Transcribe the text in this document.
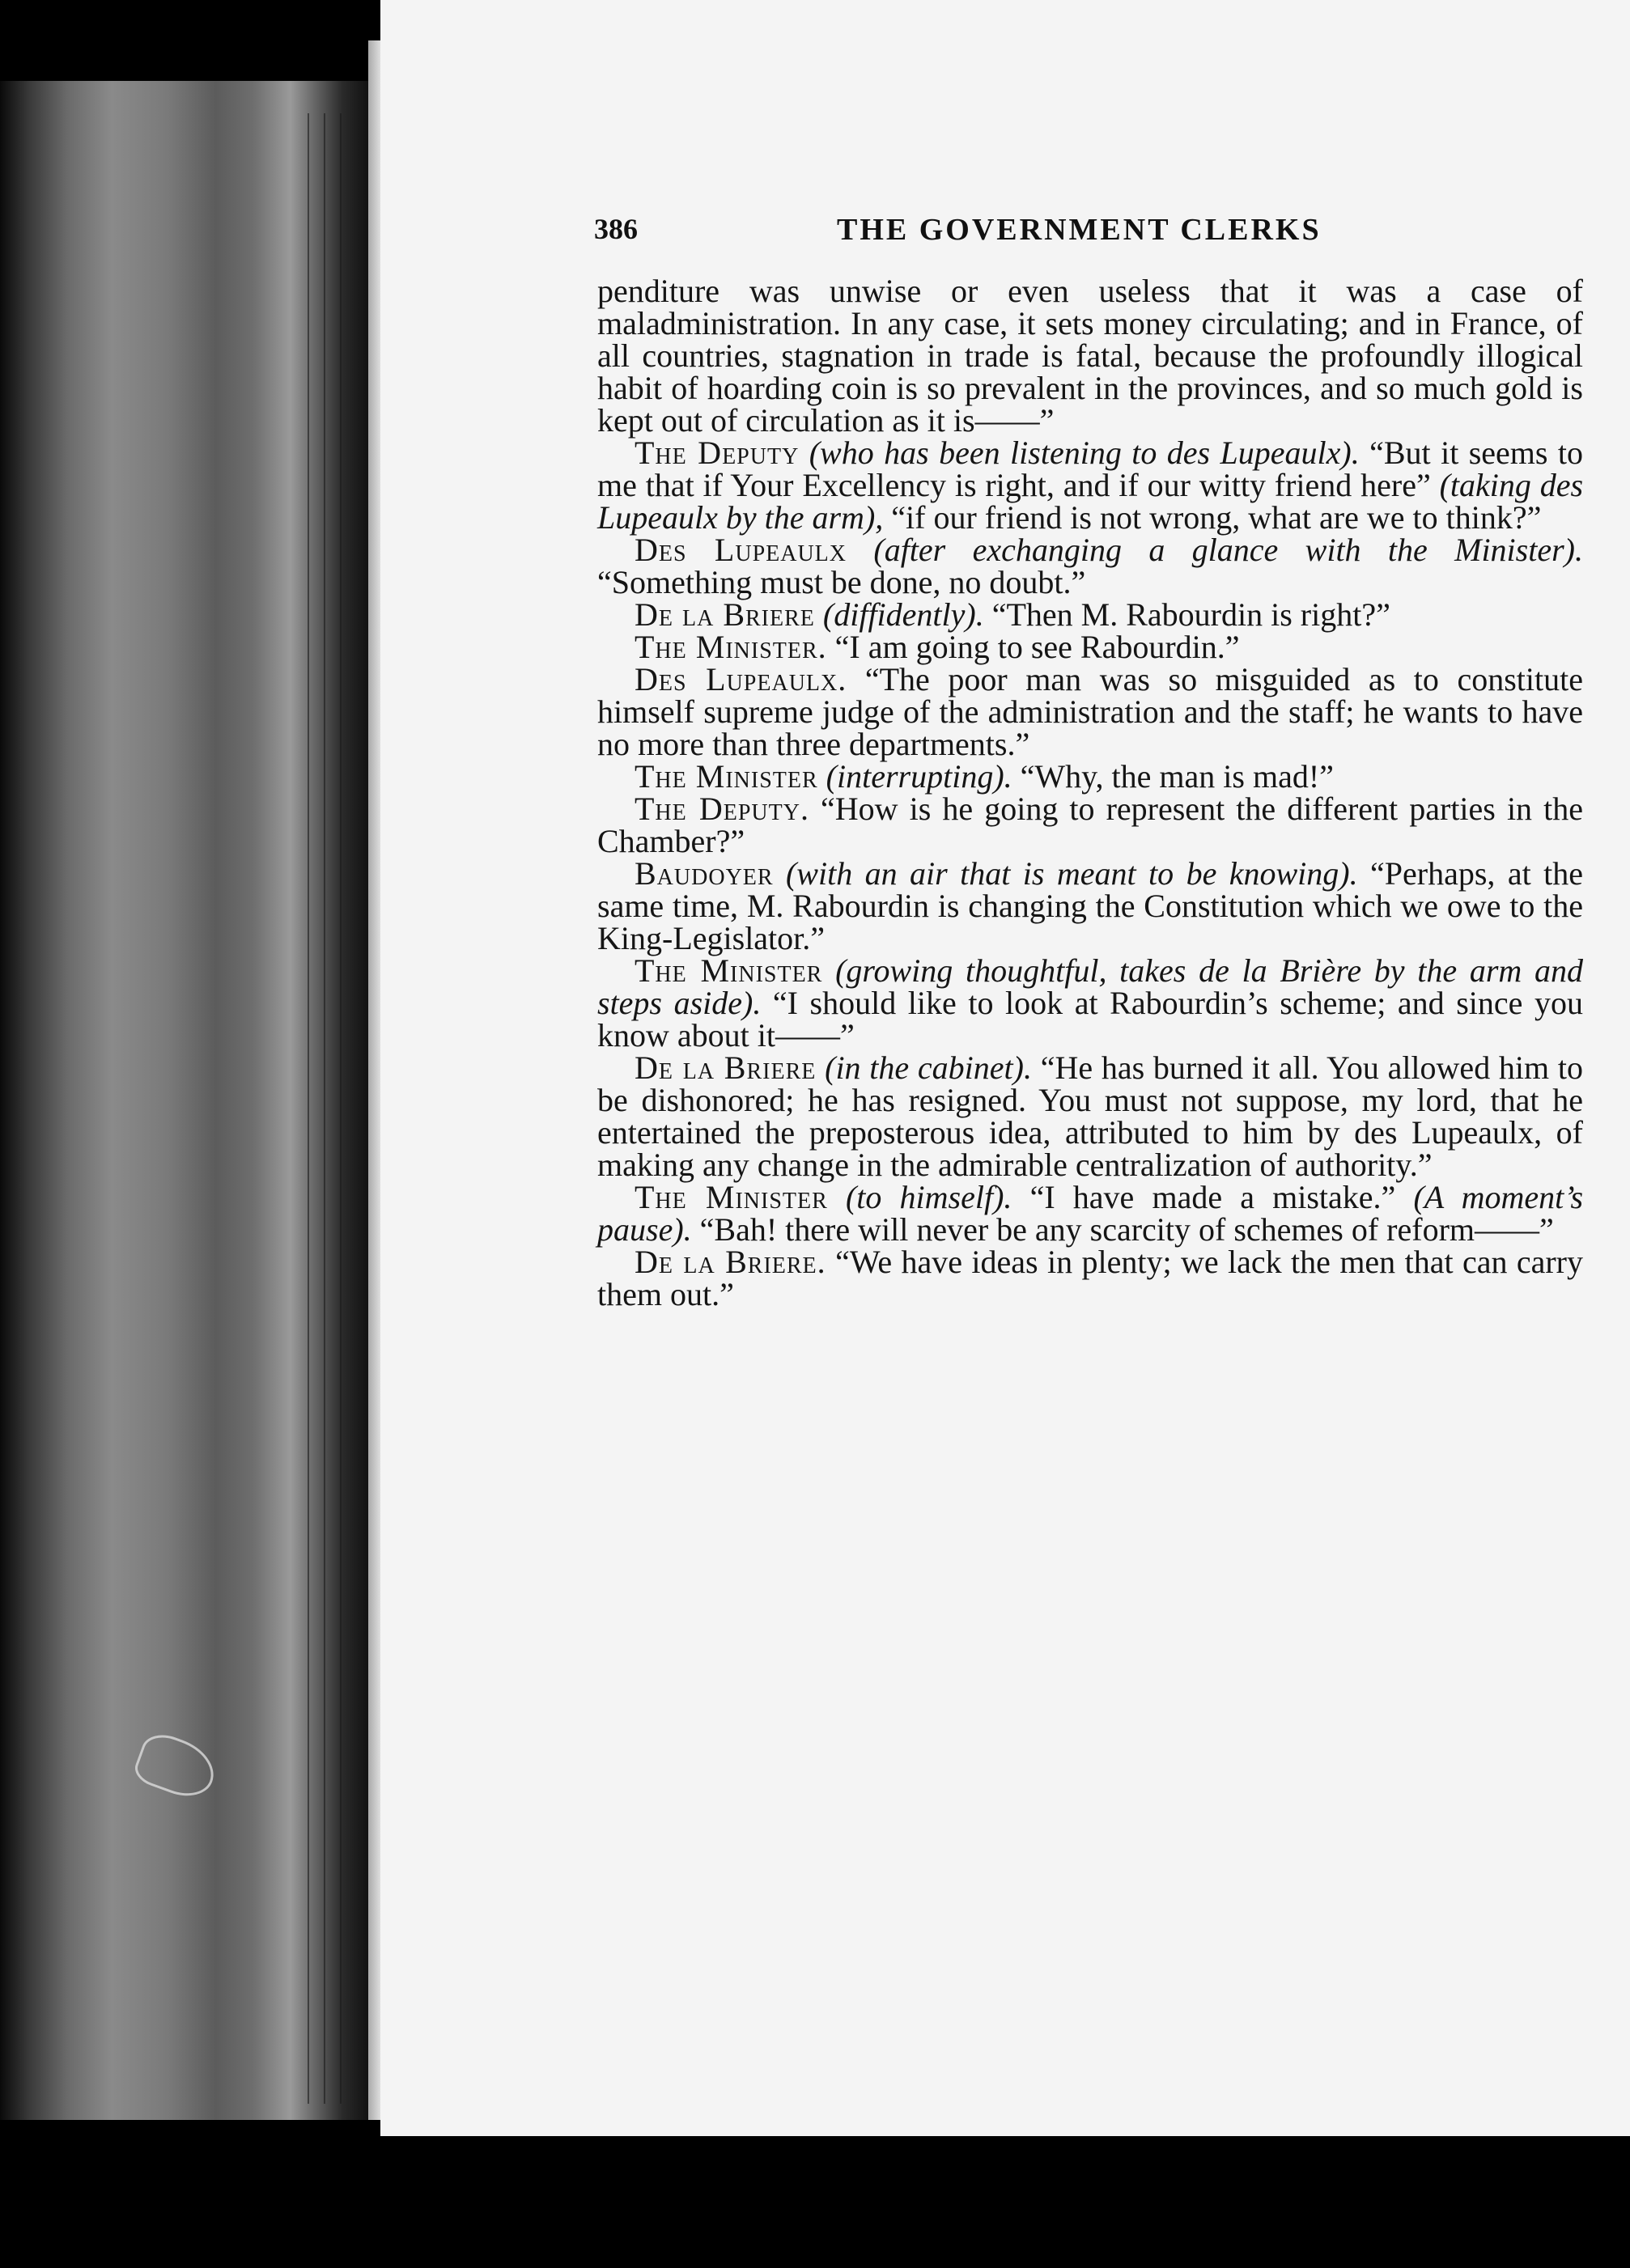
386	THE GOVERNMENT CLERKS

penditure was unwise or even useless that it was a case of maladministration. In any case, it sets money circulating; and in France, of all countries, stagnation in trade is fatal, because the profoundly illogical habit of hoarding coin is so prevalent in the provinces, and so much gold is kept out of circulation as it is——”

The Deputy (who has been listening to des Lupeaulx). “But it seems to me that if Your Excellency is right, and if our witty friend here” (taking des Lupeaulx by the arm), “if our friend is not wrong, what are we to think?”

Des Lupeaulx (after exchanging a glance with the Minister). “Something must be done, no doubt.”

De la Briere (diffidently). “Then M. Rabourdin is right?”

The Minister. “I am going to see Rabourdin.”

Des Lupeaulx. “The poor man was so misguided as to constitute himself supreme judge of the administration and the staff; he wants to have no more than three departments.”

The Minister (interrupting). “Why, the man is mad!”

The Deputy. “How is he going to represent the different parties in the Chamber?”

Baudoyer (with an air that is meant to be knowing). “Perhaps, at the same time, M. Rabourdin is changing the Constitution which we owe to the King-Legislator.”

The Minister (growing thoughtful, takes de la Brière by the arm and steps aside). “I should like to look at Rabourdin’s scheme; and since you know about it——”

De la Briere (in the cabinet). “He has burned it all. You allowed him to be dishonored; he has resigned. You must not suppose, my lord, that he entertained the preposterous idea, attributed to him by des Lupeaulx, of making any change in the admirable centralization of authority.”

The Minister (to himself). “I have made a mistake.” (A moment’s pause). “Bah! there will never be any scarcity of schemes of reform——”

De la Briere. “We have ideas in plenty; we lack the men that can carry them out.”
